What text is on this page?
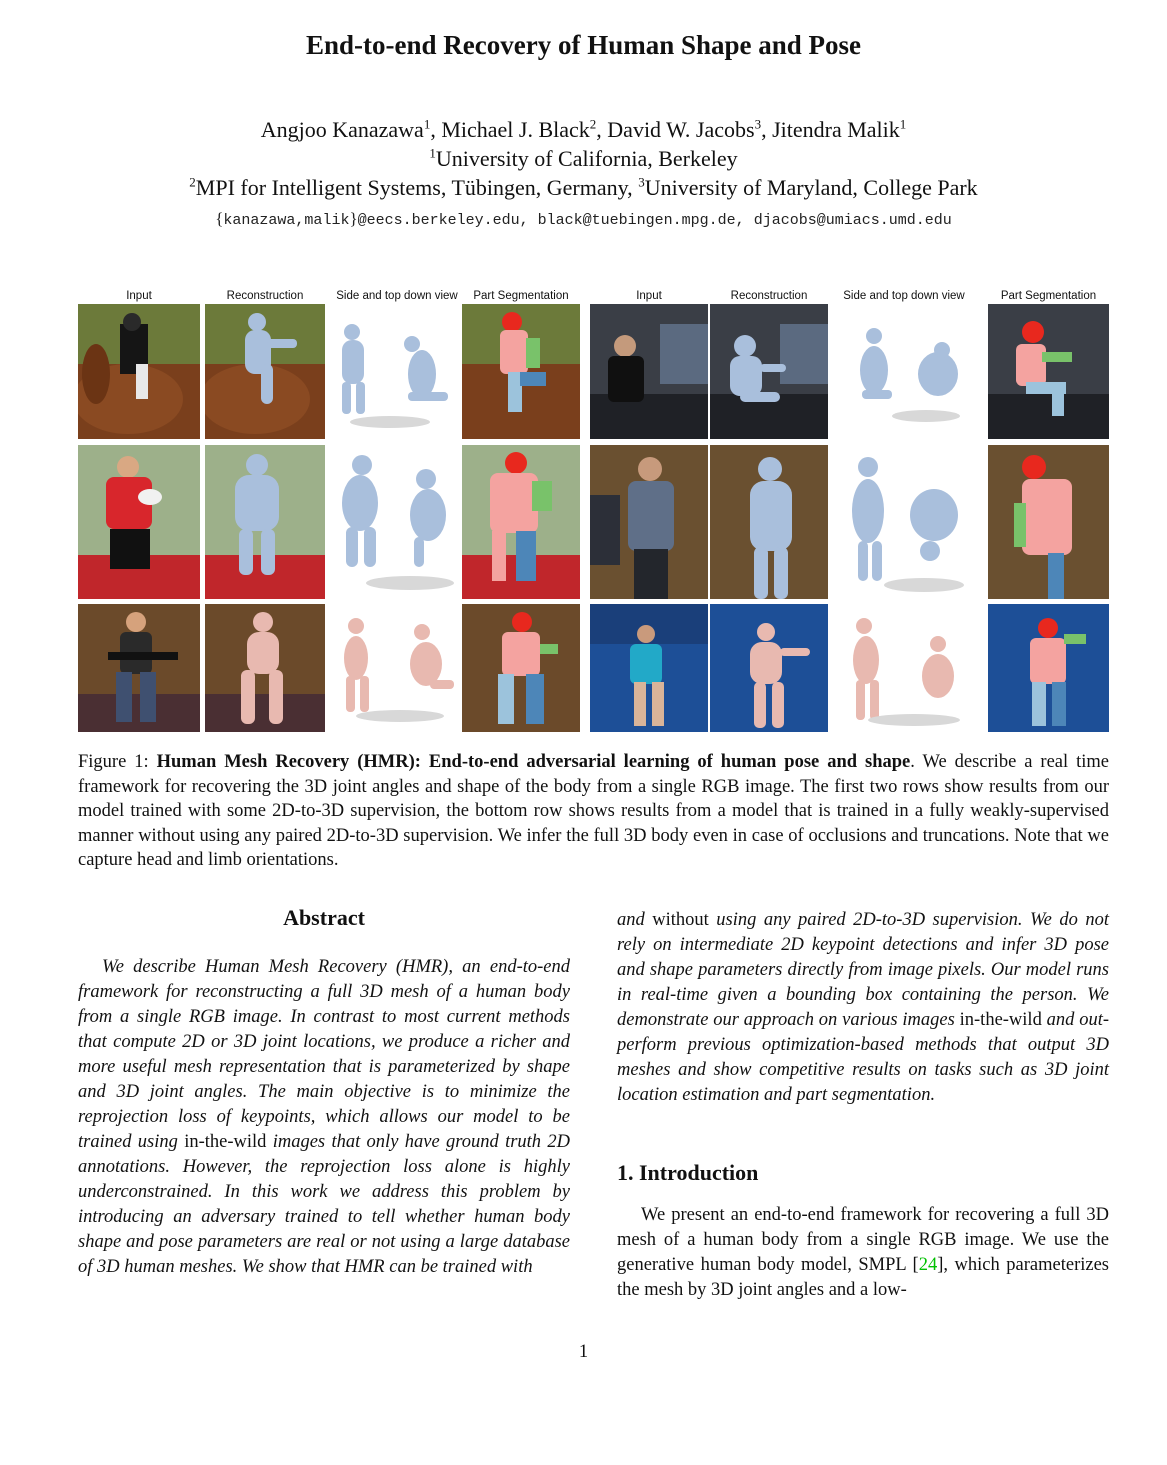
End-to-end Recovery of Human Shape and Pose
Angjoo Kanazawa$^1$, Michael J. Black$^2$, David W. Jacobs$^3$, Jitendra Malik$^1$
$^1$University of California, Berkeley
$^2$MPI for Intelligent Systems, Tübingen, Germany, $^3$University of Maryland, College Park
{kanazawa,malik}@eecs.berkeley.edu, black@tuebingen.mpg.de, djacobs@umiacs.umd.edu
Input	Reconstruction	Side and top down view	Part Segmentation	Input	Reconstruction	Side and top down view	Part Segmentation
Figure 1: Human Mesh Recovery (HMR): End-to-end adversarial learning of human pose and shape. We describe a real time framework for recovering the 3D joint angles and shape of the body from a single RGB image. The first two rows show results from our model trained with some 2D-to-3D supervision, the bottom row shows results from a model that is trained in a fully weakly-supervised manner without using any paired 2D-to-3D supervision. We infer the full 3D body even in case of occlusions and truncations. Note that we capture head and limb orientations.
Abstract
We describe Human Mesh Recovery (HMR), an end-to-end framework for reconstructing a full 3D mesh of a human body from a single RGB image. In contrast to most current methods that compute 2D or 3D joint locations, we produce a richer and more useful mesh representation that is parameterized by shape and 3D joint angles. The main objective is to minimize the reprojection loss of keypoints, which allows our model to be trained using in-the-wild images that only have ground truth 2D annotations. However, the reprojection loss alone is highly underconstrained. In this work we address this problem by introducing an adversary trained to tell whether human body shape and pose parameters are real or not using a large database of 3D human meshes. We show that HMR can be trained with
and without using any paired 2D-to-3D supervision. We do not rely on intermediate 2D keypoint detections and infer 3D pose and shape parameters directly from image pixels. Our model runs in real-time given a bounding box containing the person. We demonstrate our approach on various images in-the-wild and out-perform previous optimization-based methods that output 3D meshes and show competitive results on tasks such as 3D joint location estimation and part segmentation.
1. Introduction
We present an end-to-end framework for recovering a full 3D mesh of a human body from a single RGB image. We use the generative human body model, SMPL [24], which parameterizes the mesh by 3D joint angles and a low-
1
